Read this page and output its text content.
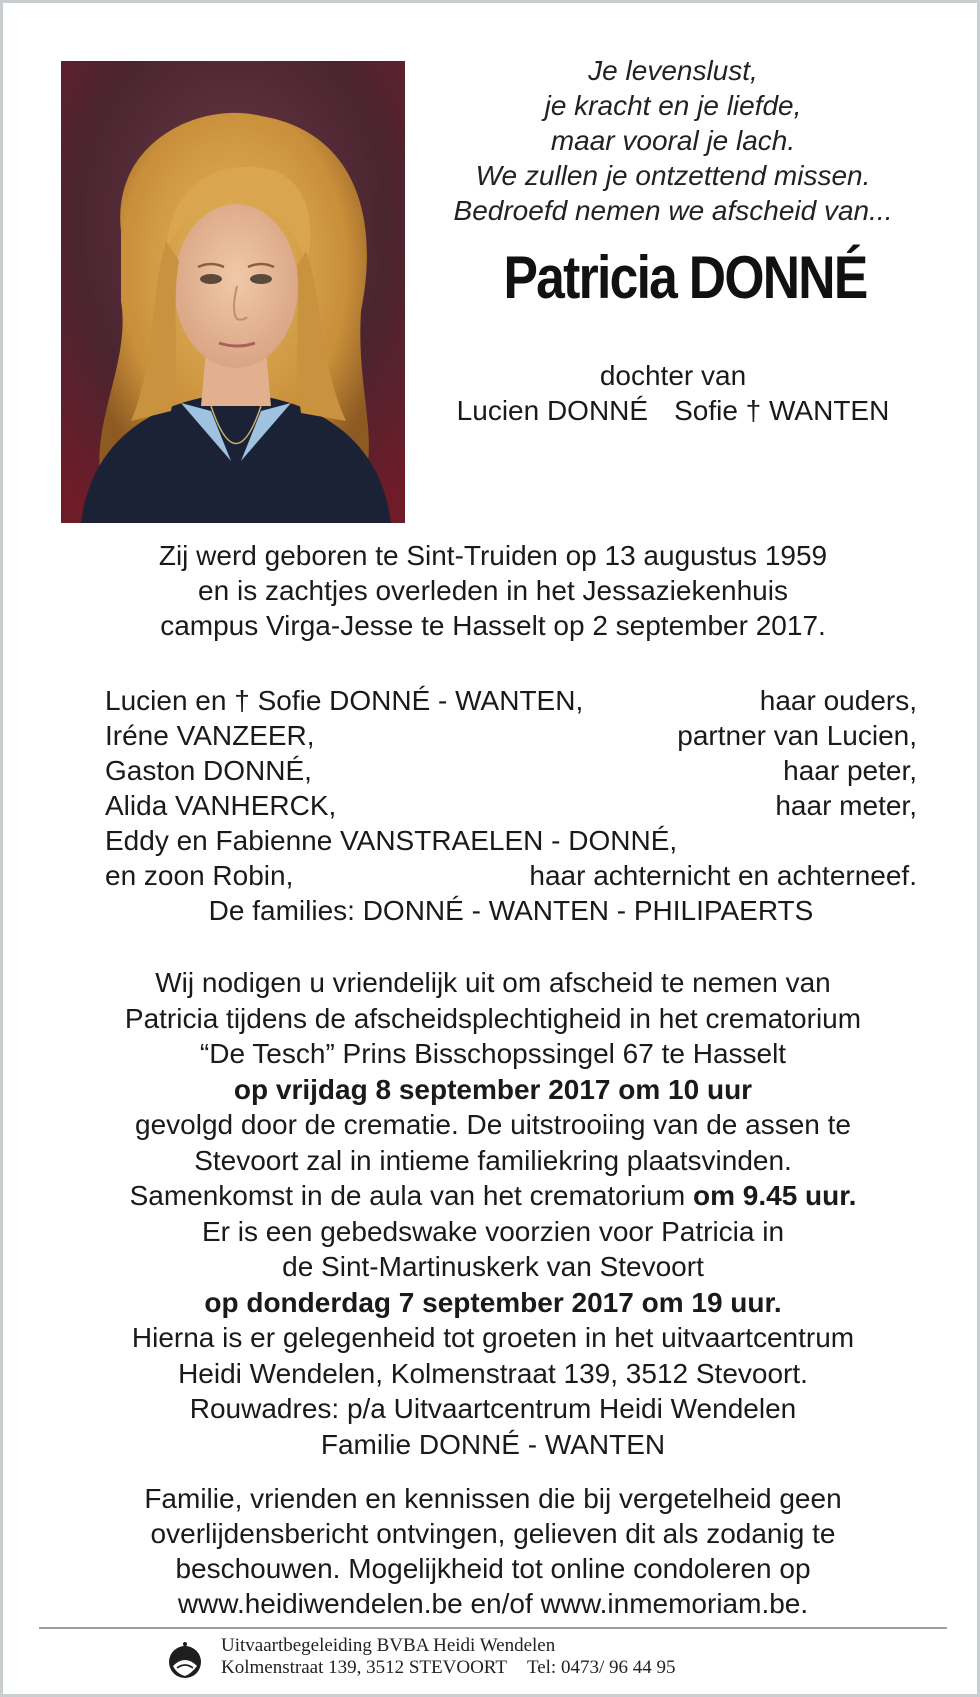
Je levenslust,
je kracht en je liefde,
maar vooral je lach.
We zullen je ontzettend missen.
Bedroefd nemen we afscheid van...
Patricia DONNÉ
dochter van
Lucien DONNÉ Sofie † WANTEN
Zij werd geboren te Sint-Truiden op 13 augustus 1959
en is zachtjes overleden in het Jessaziekenhuis
campus Virga-Jesse te Hasselt op 2 september 2017.
Lucien en † Sofie DONNÉ - WANTEN,	haar ouders,
Iréne VANZEER,	partner van Lucien,
Gaston DONNÉ,	haar peter,
Alida VANHERCK,	haar meter,
Eddy en Fabienne VANSTRAELEN - DONNÉ,
en zoon Robin,	haar achternicht en achterneef.
De families: DONNÉ - WANTEN - PHILIPAERTS
Wij nodigen u vriendelijk uit om afscheid te nemen van
Patricia tijdens de afscheidsplechtigheid in het crematorium
“De Tesch” Prins Bisschopssingel 67 te Hasselt
op vrijdag 8 september 2017 om 10 uur
gevolgd door de crematie. De uitstrooiing van de assen te
Stevoort zal in intieme familiekring plaatsvinden.
Samenkomst in de aula van het crematorium om 9.45 uur.
Er is een gebedswake voorzien voor Patricia in
de Sint-Martinuskerk van Stevoort
op donderdag 7 september 2017 om 19 uur.
Hierna is er gelegenheid tot groeten in het uitvaartcentrum
Heidi Wendelen, Kolmenstraat 139, 3512 Stevoort.
Rouwadres: p/a Uitvaartcentrum Heidi Wendelen
Familie DONNÉ - WANTEN
Familie, vrienden en kennissen die bij vergetelheid geen
overlijdensbericht ontvingen, gelieven dit als zodanig te
beschouwen. Mogelijkheid tot online condoleren op
www.heidiwendelen.be en/of www.inmemoriam.be.
Uitvaartbegeleiding BVBA Heidi Wendelen
Kolmenstraat 139, 3512 STEVOORT Tel: 0473/ 96 44 95
